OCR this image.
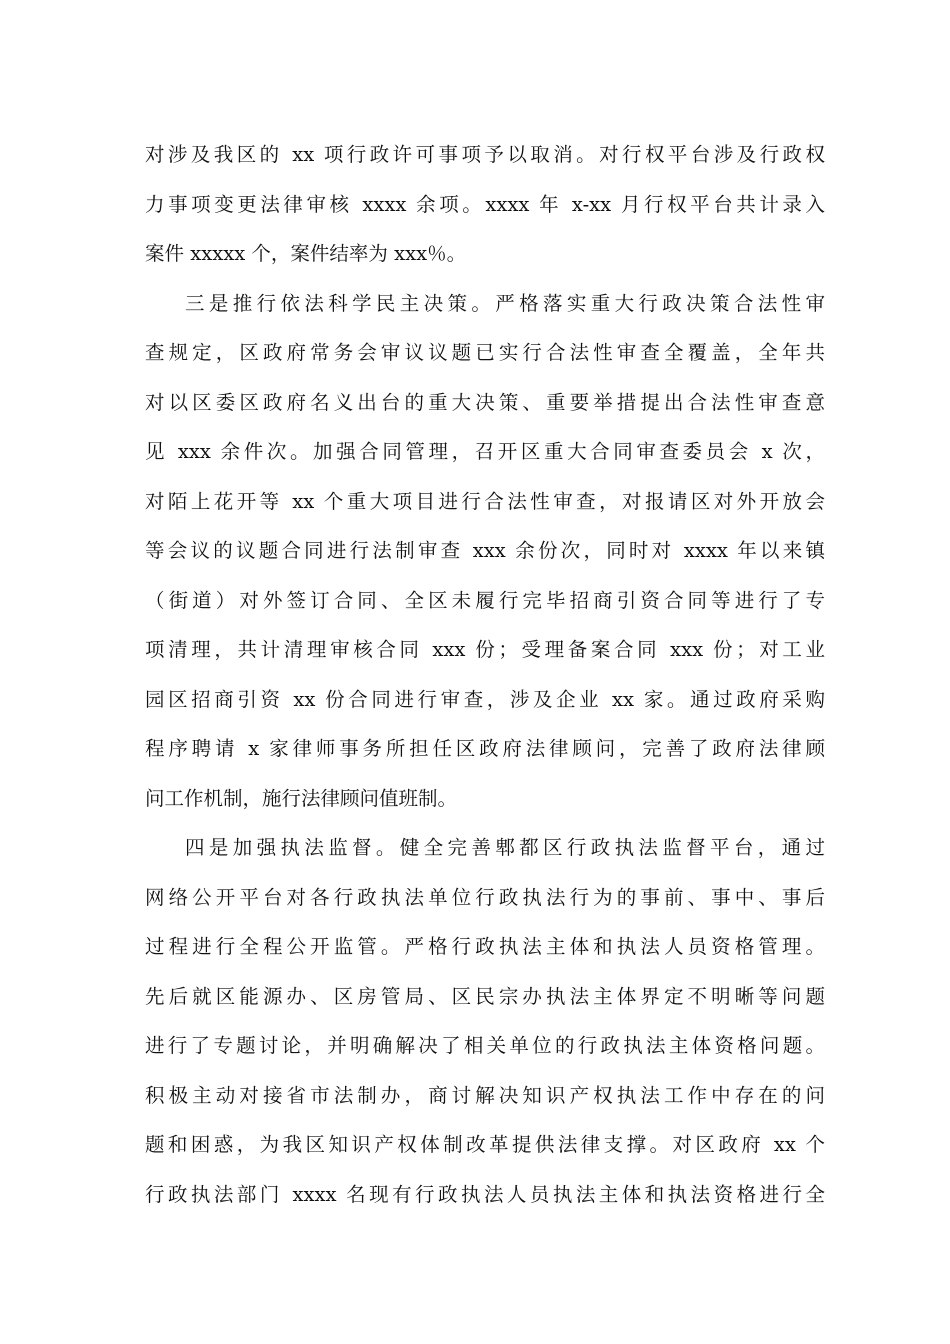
对涉及我区的 xx 项行政许可事项予以取消。对行权平台涉及行政权
力事项变更法律审核 xxxx 余项。xxxx 年 x-xx 月行权平台共计录入
案件 xxxxx 个，案件结率为 xxx％。
三是推行依法科学民主决策。严格落实重大行政决策合法性审
查规定，区政府常务会审议议题已实行合法性审查全覆盖，全年共
对以区委区政府名义出台的重大决策、重要举措提出合法性审查意
见 xxx 余件次。加强合同管理，召开区重大合同审查委员会 x 次，
对陌上花开等 xx 个重大项目进行合法性审查，对报请区对外开放会
等会议的议题合同进行法制审查 xxx 余份次，同时对 xxxx 年以来镇
（街道）对外签订合同、全区未履行完毕招商引资合同等进行了专
项清理，共计清理审核合同 xxx 份；受理备案合同 xxx 份；对工业
园区招商引资 xx 份合同进行审查，涉及企业 xx 家。通过政府采购
程序聘请 x 家律师事务所担任区政府法律顾问，完善了政府法律顾
问工作机制，施行法律顾问值班制。
四是加强执法监督。健全完善郫都区行政执法监督平台，通过
网络公开平台对各行政执法单位行政执法行为的事前、事中、事后
过程进行全程公开监管。严格行政执法主体和执法人员资格管理。
先后就区能源办、区房管局、区民宗办执法主体界定不明晰等问题
进行了专题讨论，并明确解决了相关单位的行政执法主体资格问题。
积极主动对接省市法制办，商讨解决知识产权执法工作中存在的问
题和困惑，为我区知识产权体制改革提供法律支撑。对区政府 xx 个
行政执法部门 xxxx 名现有行政执法人员执法主体和执法资格进行全
